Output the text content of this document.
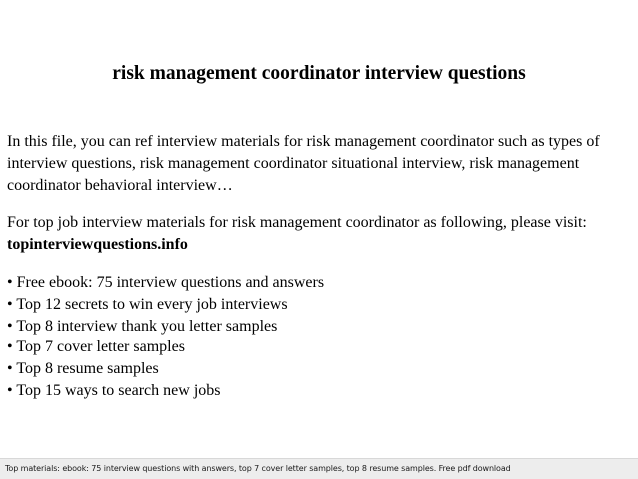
risk management coordinator interview questions

In this file, you can ref interview materials for risk management coordinator such as types of interview questions, risk management coordinator situational interview, risk management coordinator behavioral interview…

For top job interview materials for risk management coordinator as following, please visit: topinterviewquestions.info

• Free ebook: 75 interview questions and answers
• Top 12 secrets to win every job interviews
• Top 8 interview thank you letter samples
• Top 7 cover letter samples
• Top 8 resume samples
• Top 15 ways to search new jobs
Top materials: ebook: 75 interview questions with answers, top 7 cover letter samples, top 8 resume samples. Free pdf download
